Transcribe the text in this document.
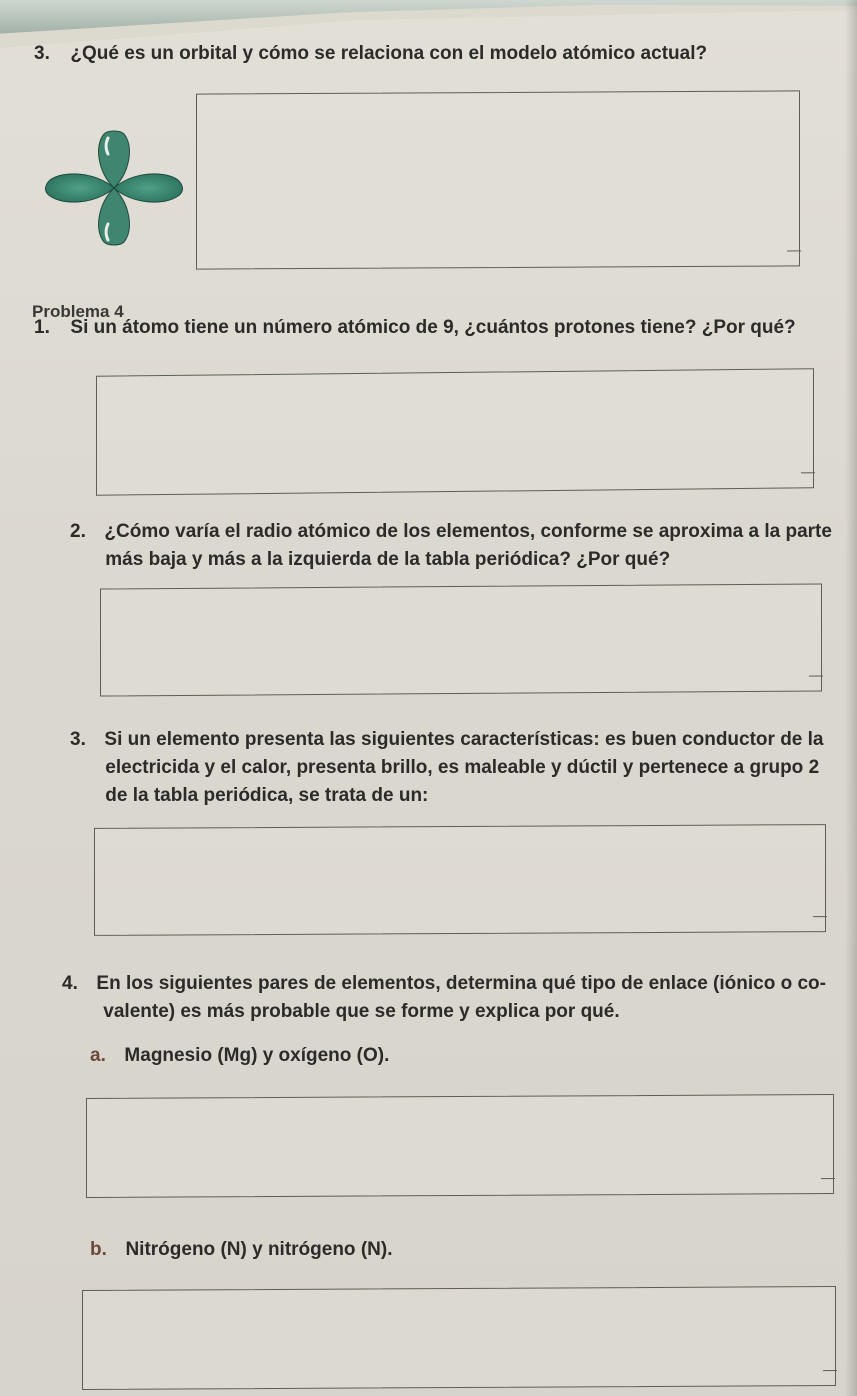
3. ¿Qué es un orbital y cómo se relaciona con el modelo atómico actual?

Problema 4

1. Si un átomo tiene un número atómico de 9, ¿cuántos protones tiene? ¿Por qué?

2. ¿Cómo varía el radio atómico de los elementos, conforme se aproxima a la parte
más baja y más a la izquierda de la tabla periódica? ¿Por qué?

3. Si un elemento presenta las siguientes características: es buen conductor de la
electricida y el calor, presenta brillo, es maleable y dúctil y pertenece a grupo 2
de la tabla periódica, se trata de un:

4. En los siguientes pares de elementos, determina qué tipo de enlace (iónico o co-
valente) es más probable que se forme y explica por qué.

a. Magnesio (Mg) y oxígeno (O).

b. Nitrógeno (N) y nitrógeno (N).
